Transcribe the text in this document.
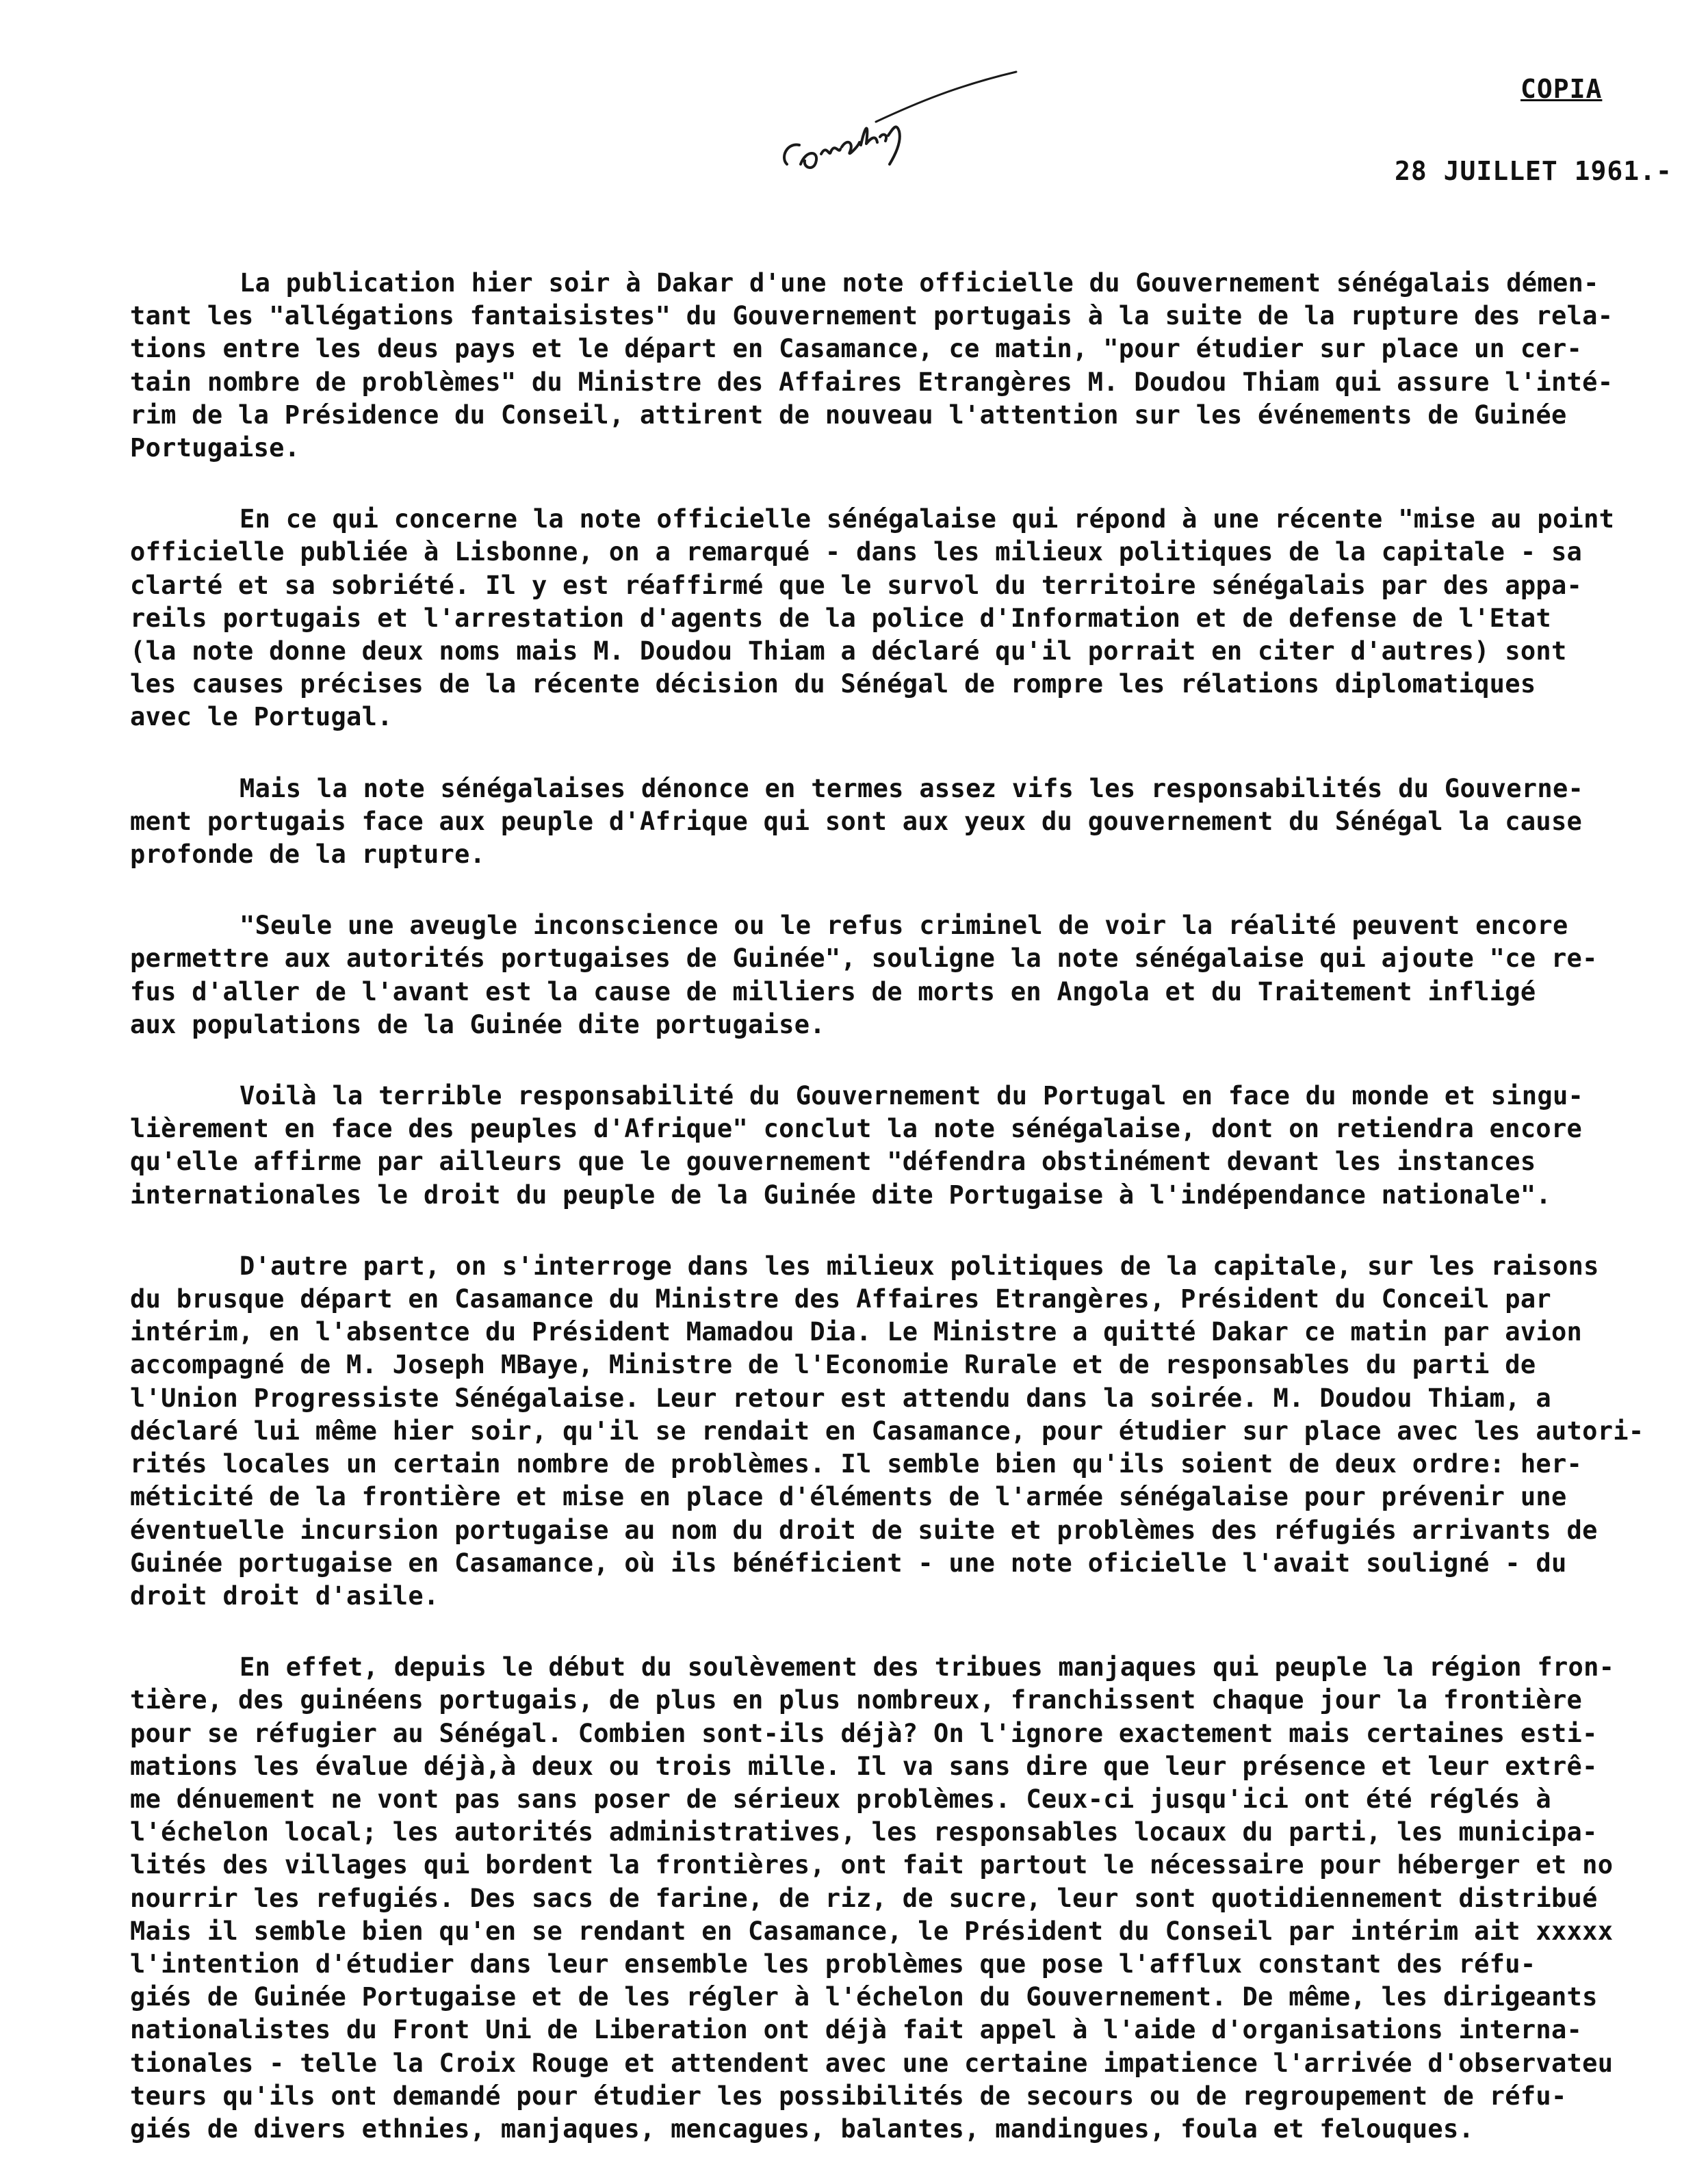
COPIA
28 JUILLET 1961.-
La publication hier soir à Dakar d'une note officielle du Gouvernement sénégalais démen-
tant les "allégations fantaisistes" du Gouvernement portugais à la suite de la rupture des rela-
tions entre les deus pays et le départ en Casamance, ce matin, "pour étudier sur place un cer-
tain nombre de problèmes" du Ministre des Affaires Etrangères M. Doudou Thiam qui assure l'inté-
rim de la Présidence du Conseil, attirent de nouveau l'attention sur les événements de Guinée
Portugaise.
En ce qui concerne la note officielle sénégalaise qui répond à une récente "mise au point
officielle publiée à Lisbonne, on a remarqué - dans les milieux politiques de la capitale - sa
clarté et sa sobriété. Il y est réaffirmé que le survol du territoire sénégalais par des appa-
reils portugais et l'arrestation d'agents de la police d'Information et de defense de l'Etat
(la note donne deux noms mais M. Doudou Thiam a déclaré qu'il porrait en citer d'autres) sont
les causes précises de la récente décision du Sénégal de rompre les rélations diplomatiques
avec le Portugal.
Mais la note sénégalaises dénonce en termes assez vifs les responsabilités du Gouverne-
ment portugais face aux peuple d'Afrique qui sont aux yeux du gouvernement du Sénégal la cause
profonde de la rupture.
"Seule une aveugle inconscience ou le refus criminel de voir la réalité peuvent encore
permettre aux autorités portugaises de Guinée", souligne la note sénégalaise qui ajoute "ce re-
fus d'aller de l'avant est la cause de milliers de morts en Angola et du Traitement infligé
aux populations de la Guinée dite portugaise.
Voilà la terrible responsabilité du Gouvernement du Portugal en face du monde et singu-
lièrement en face des peuples d'Afrique" conclut la note sénégalaise, dont on retiendra encore
qu'elle affirme par ailleurs que le gouvernement "défendra obstinément devant les instances
internationales le droit du peuple de la Guinée dite Portugaise à l'indépendance nationale".
D'autre part, on s'interroge dans les milieux politiques de la capitale, sur les raisons
du brusque départ en Casamance du Ministre des Affaires Etrangères, Président du Conceil par
intérim, en l'absentce du Président Mamadou Dia. Le Ministre a quitté Dakar ce matin par avion
accompagné de M. Joseph MBaye, Ministre de l'Economie Rurale et de responsables du parti de
l'Union Progressiste Sénégalaise. Leur retour est attendu dans la soirée. M. Doudou Thiam, a
déclaré lui même hier soir, qu'il se rendait en Casamance, pour étudier sur place avec les autori-
rités locales un certain nombre de problèmes. Il semble bien qu'ils soient de deux ordre: her-
méticité de la frontière et mise en place d'éléments de l'armée sénégalaise pour prévenir une
éventuelle incursion portugaise au nom du droit de suite et problèmes des réfugiés arrivants de
Guinée portugaise en Casamance, où ils bénéficient - une note oficielle l'avait souligné - du
droit droit d'asile.
En effet, depuis le début du soulèvement des tribues manjaques qui peuple la région fron-
tière, des guinéens portugais, de plus en plus nombreux, franchissent chaque jour la frontière
pour se réfugier au Sénégal. Combien sont-ils déjà? On l'ignore exactement mais certaines esti-
mations les évalue déjà,à deux ou trois mille. Il va sans dire que leur présence et leur extrê-
me dénuement ne vont pas sans poser de sérieux problèmes. Ceux-ci jusqu'ici ont été réglés à
l'échelon local; les autorités administratives, les responsables locaux du parti, les municipa-
lités des villages qui bordent la frontières, ont fait partout le nécessaire pour héberger et no
nourrir les refugiés. Des sacs de farine, de riz, de sucre, leur sont quotidiennement distribué
Mais il semble bien qu'en se rendant en Casamance, le Président du Conseil par intérim ait xxxxx
l'intention d'étudier dans leur ensemble les problèmes que pose l'afflux constant des réfu-
giés de Guinée Portugaise et de les régler à l'échelon du Gouvernement. De même, les dirigeants
nationalistes du Front Uni de Liberation ont déjà fait appel à l'aide d'organisations interna-
tionales - telle la Croix Rouge et attendent avec une certaine impatience l'arrivée d'observateu
teurs qu'ils ont demandé pour étudier les possibilités de secours ou de regroupement de réfu-
giés de divers ethnies, manjaques, mencagues, balantes, mandingues, foula et felouques.
